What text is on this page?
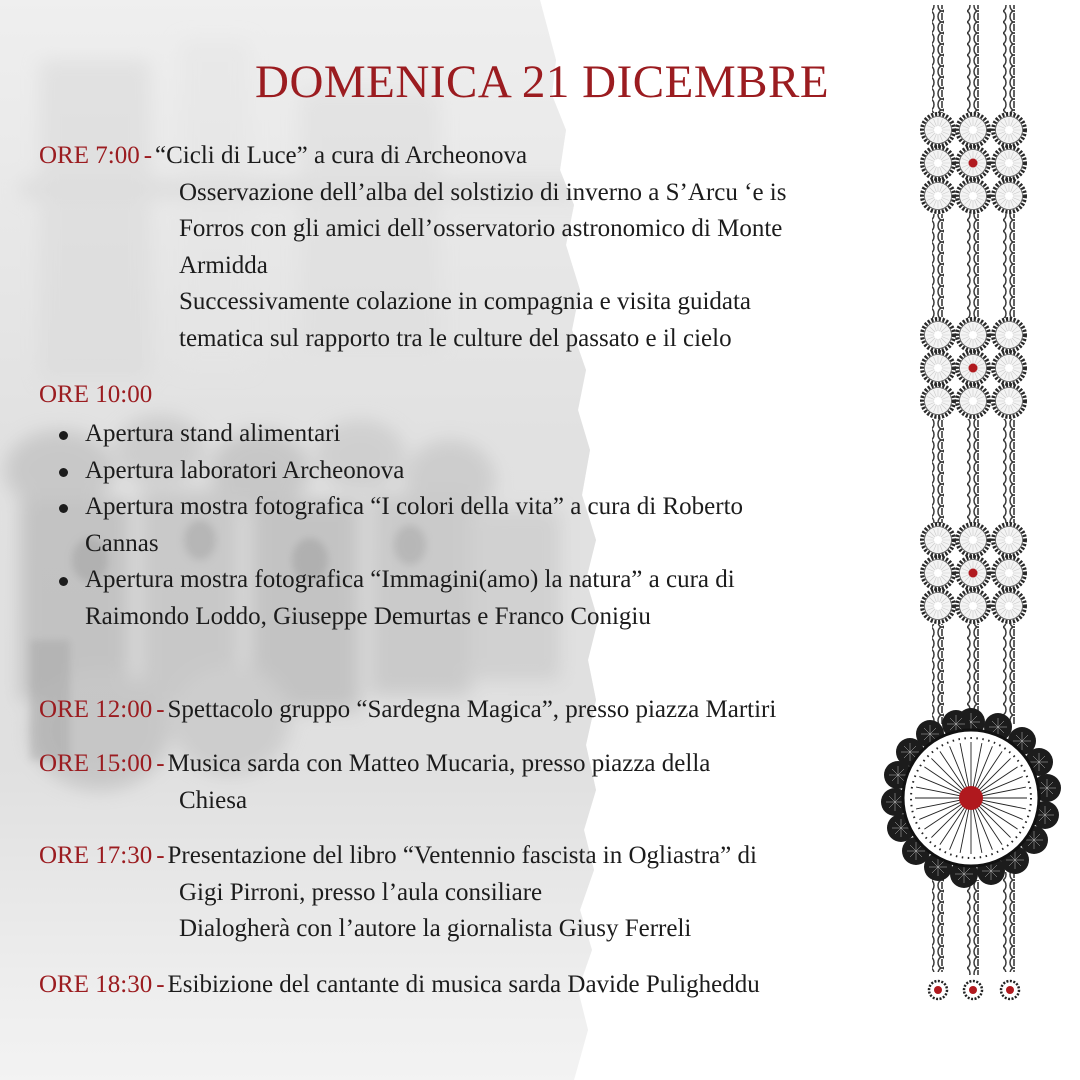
DOMENICA 21 DICEMBRE
ORE 7:00 - “Cicli di Luce” a cura di Archeonova
Osservazione dell’alba del solstizio di inverno a S’Arcu ‘e is
Forros con gli amici dell’osservatorio astronomico di Monte
Armidda
Successivamente colazione in compagnia e visita guidata
tematica sul rapporto tra le culture del passato e il cielo
ORE 10:00
Apertura stand alimentari
Apertura laboratori Archeonova
Apertura mostra fotografica “I colori della vita” a cura di Roberto
Cannas
Apertura mostra fotografica “Immagini(amo) la natura” a cura di
Raimondo Loddo, Giuseppe Demurtas e Franco Conigiu
ORE 12:00 - Spettacolo gruppo “Sardegna Magica”, presso piazza Martiri
ORE 15:00 - Musica sarda con Matteo Mucaria, presso piazza della
Chiesa
ORE 17:30 - Presentazione del libro “Ventennio fascista in Ogliastra” di
Gigi Pirroni, presso l’aula consiliare
Dialogherà con l’autore la giornalista Giusy Ferreli
ORE 18:30 - Esibizione del cantante di musica sarda Davide Puligheddu
